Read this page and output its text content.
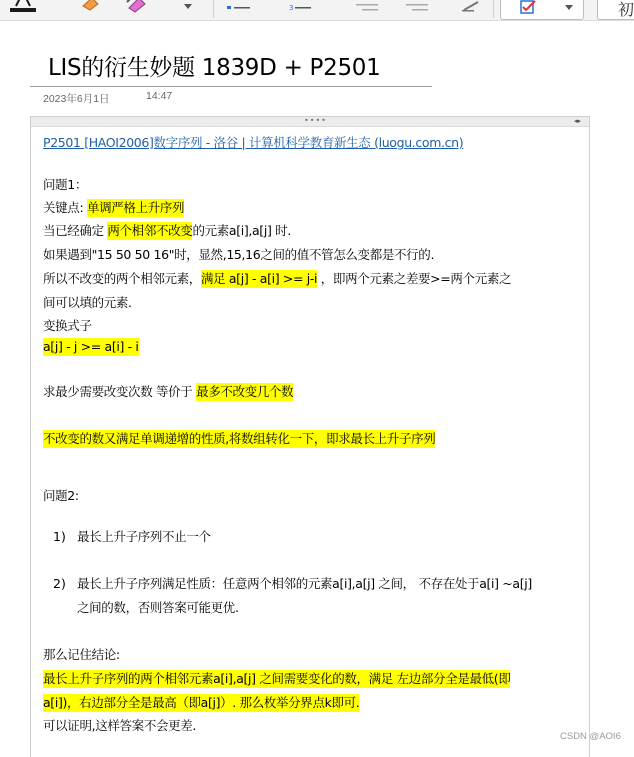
3	初
LIS的衍生妙题 1839D + P2501
2023年6月1日	14:47
••••	◂▸

P2501 [HAOI2006]数字序列 - 洛谷 | 计算机科学教育新生态 (luogu.com.cn)

问题1：

关键点: 单调严格上升序列

当已经确定 两个相邻不改变的元素a[i],a[j] 时.

如果遇到"15 50 50 16"时，显然,15,16之间的值不管怎么变都是不行的.

所以不改变的两个相邻元素，满足 a[j] - a[i] >= j-i ，即两个元素之差要>=两个元素之

间可以填的元素.

变换式子

a[j] - j >= a[i] - i

求最少需要改变次数 等价于 最多不改变几个数

不改变的数又满足单调递增的性质,将数组转化一下，即求最长上升子序列

问题2:

1) 最长上升子序列不止一个

2) 最长上升子序列满足性质：任意两个相邻的元素a[i],a[j] 之间， 不存在处于a[i] ~a[j]

之间的数，否则答案可能更优.

那么记住结论:

最长上升子序列的两个相邻元素a[i],a[j] 之间需要变化的数，满足 左边部分全是最低(即

a[i])，右边部分全是最高（即a[j]）. 那么枚举分界点k即可.

可以证明,这样答案不会更差.

CSDN @AOI6
